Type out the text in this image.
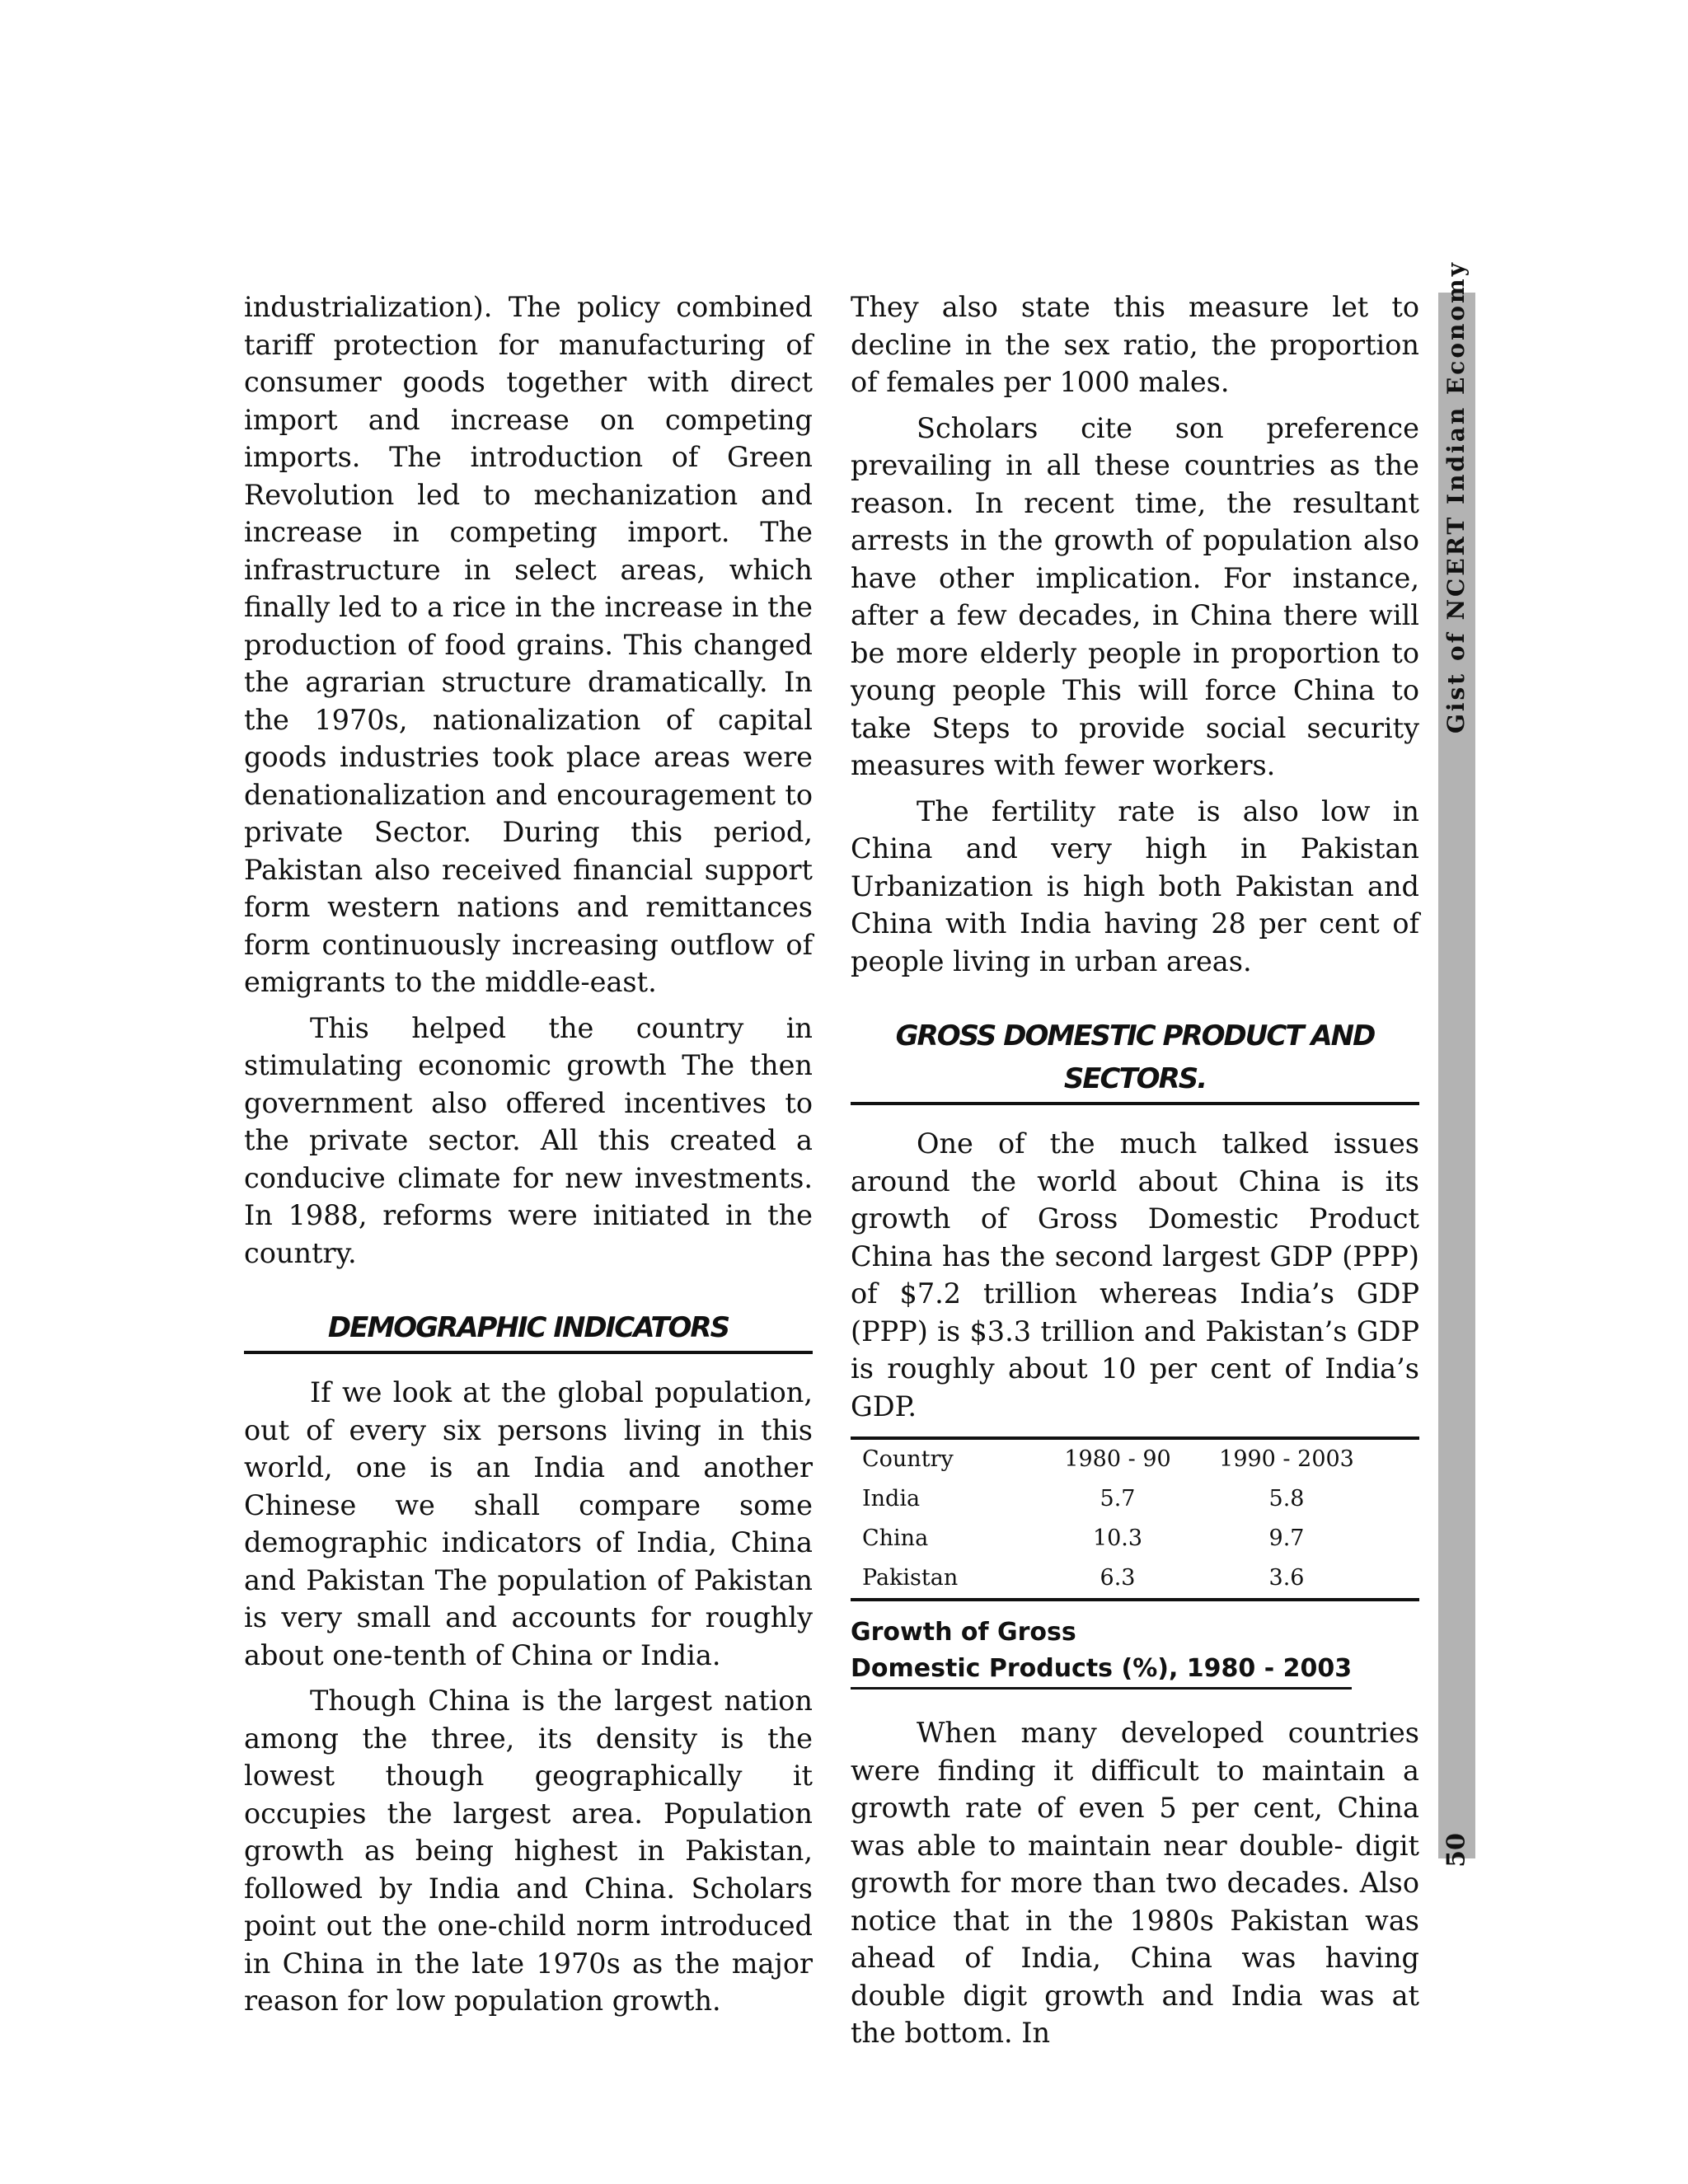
industrialization). The policy combined tariff protection for manufacturing of consumer goods together with direct import and increase on competing imports. The introduction of Green Revolution led to mechanization and increase in competing import. The infrastructure in select areas, which finally led to a rice in the increase in the production of food grains. This changed the agrarian structure dramatically. In the 1970s, nationalization of capital goods industries took place areas were denationalization and encouragement to private Sector. During this period, Pakistan also received financial support form western nations and remittances form continuously increasing outflow of emigrants to the middle-east.

This helped the country in stimulating economic growth The then government also offered incentives to the private sector. All this created a conducive climate for new investments. In 1988, reforms were initiated in the country.

DEMOGRAPHIC INDICATORS

If we look at the global population, out of every six persons living in this world, one is an India and another Chinese we shall compare some demographic indicators of India, China and Pakistan The population of Pakistan is very small and accounts for roughly about one-tenth of China or India.

Though China is the largest nation among the three, its density is the lowest though geographically it occupies the largest area. Population growth as being highest in Pakistan, followed by India and China. Scholars point out the one-child norm introduced in China in the late 1970s as the major reason for low population growth.

They also state this measure let to decline in the sex ratio, the proportion of females per 1000 males.

Scholars cite son preference prevailing in all these countries as the reason. In recent time, the resultant arrests in the growth of population also have other implication. For instance, after a few decades, in China there will be more elderly people in proportion to young people This will force China to take Steps to provide social security measures with fewer workers.

The fertility rate is also low in China and very high in Pakistan Urbanization is high both Pakistan and China with India having 28 per cent of people living in urban areas.

GROSS DOMESTIC PRODUCT AND
SECTORS.

One of the much talked issues around the world about China is its growth of Gross Domestic Product China has the second largest GDP (PPP) of $7.2 trillion whereas India’s GDP (PPP) is $3.3 trillion and Pakistan’s GDP is roughly about 10 per cent of India’s GDP.

Country	1980 - 90	1990 - 2003	
India	5.7	5.8	
China	10.3	9.7	
Pakistan	6.3	3.6	
Growth of Gross
Domestic Products (%), 1980 - 2003

When many developed countries were finding it difficult to maintain a growth rate of even 5 per cent, China was able to maintain near double- digit growth for more than two decades. Also notice that in the 1980s Pakistan was ahead of India, China was having double digit growth and India was at the bottom. In

Gist of NCERT Indian Economy
50
